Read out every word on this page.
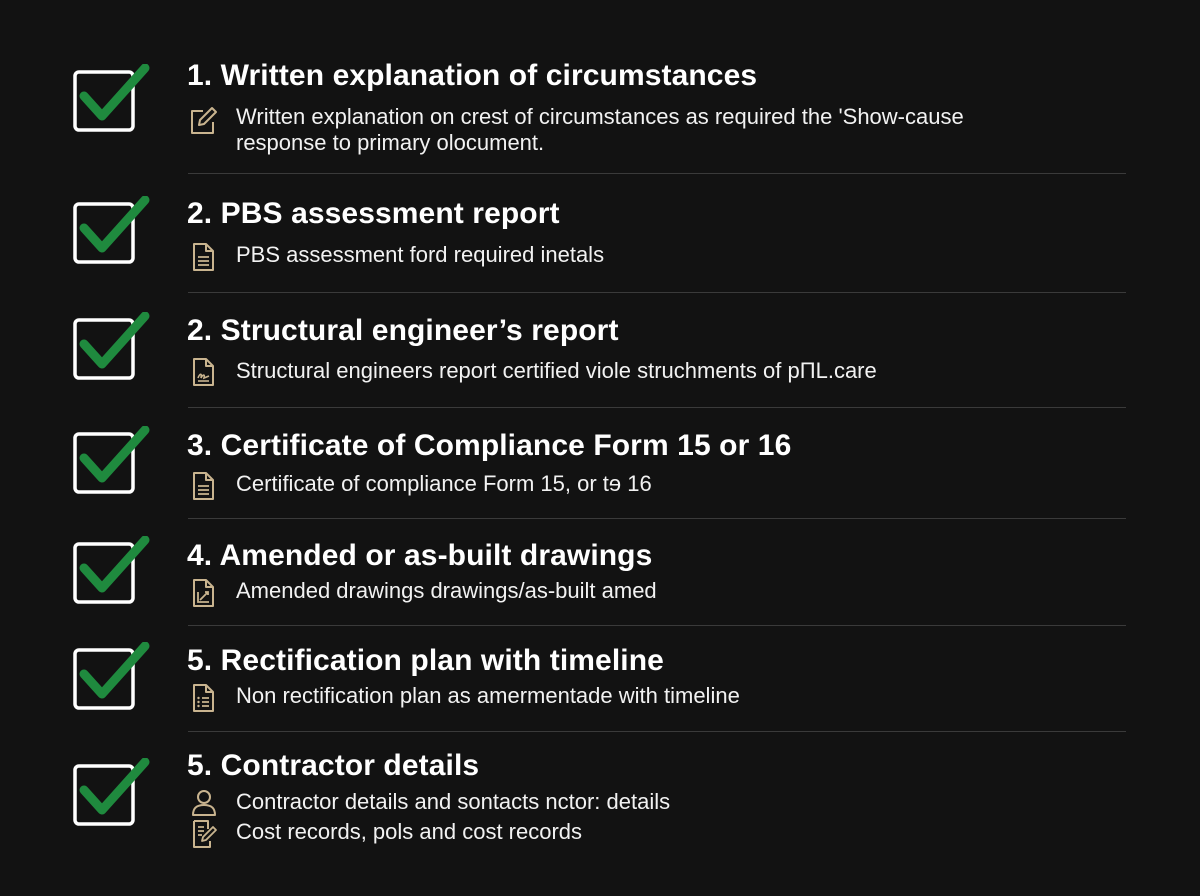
1. Written explanation of circumstances
Written explanation on crest of circumstances as required the 'Show-cause
response to primary olocument.
2. PBS assessment report
PBS assessment ford required inetals
2. Structural engineer’s report
Structural engineers report certified viole struchments of pΠL.care
3. Certificate of Compliance Form 15 or 16
Certificate of compliance Form 15, or tɘ 16
4. Amended or as-built drawings
Amended drawings drawings/as-built amed
5. Rectification plan with timeline
Non rectification plan as amermentade with timeline
5. Contractor details
Contractor details and sontacts nctor: details
Cost records, pols and cost records
